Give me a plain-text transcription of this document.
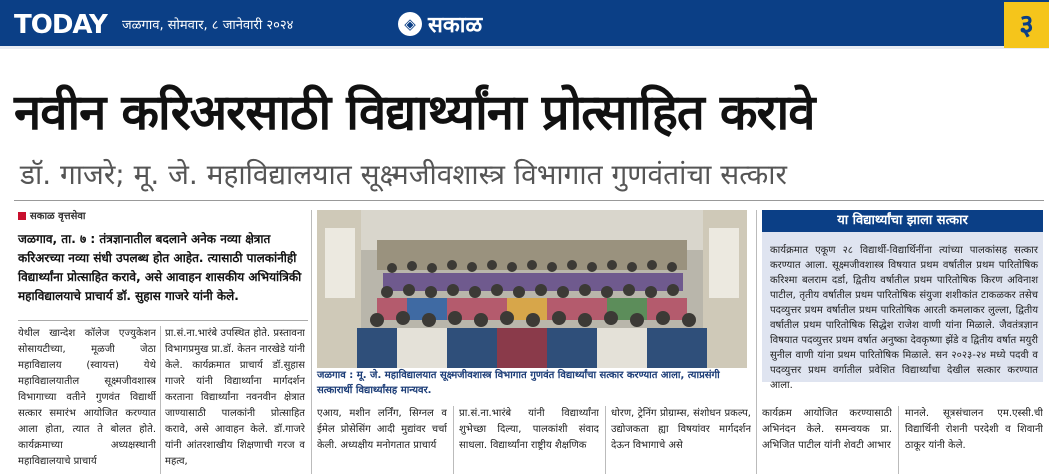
TODAY जळगाव, सोमवार, ८ जानेवारी २०२४	◈ सकाळ	३
नवीन करिअरसाठी विद्यार्थ्यांना प्रोत्साहित करावे
डॉ. गाजरे; मू. जे. महाविद्यालयात सूक्ष्मजीवशास्त्र विभागात गुणवंतांचा सत्कार
सकाळ वृत्तसेवा
जळगाव, ता. ७ : तंत्रज्ञानातील बदलाने अनेक नव्या क्षेत्रात करिअरच्या नव्या संधी उपलब्ध होत आहेत. त्यासाठी पालकांनीही विद्यार्थ्यांना प्रोत्साहित करावे, असे आवाहन शासकीय अभियांत्रिकी महाविद्यालयाचे प्राचार्य डॉ. सुहास गाजरे यांनी केले.
येथील खान्देश कॉलेज एज्युकेशन सोसायटीच्या, मूळजी जेठा महाविद्यालय (स्वायत्त) येथे महाविद्यालयातील सूक्ष्मजीवशास्त्र विभागाच्या वतीने गुणवंत विद्यार्थी सत्कार समारंभ आयोजित करण्यात आला होता, त्यात ते बोलत होते. कार्यक्रमाच्या अध्यक्षस्थानी महाविद्यालयाचे प्राचार्य
प्रा.सं.ना.भारंबे उपस्थित होते. प्रस्तावना विभागप्रमुख प्रा.डॉ. केतन नारखेडे यांनी केले. कार्यक्रमात प्राचार्य डॉ.सुहास गाजरे यांनी विद्यार्थ्यांना मार्गदर्शन करताना विद्यार्थ्यांना नवनवीन क्षेत्रात जाण्यासाठी पालकांनी प्रोत्साहित करावे, असे आवाहन केले. डॉ.गाजरे यांनी आंतरशाखीय शिक्षणाची गरज व महत्व,
जळगाव : मू. जे. महाविद्यालयात सूक्ष्मजीवशास्त्र विभागात गुणवंत विद्यार्थ्यांचा सत्कार करण्यात आला, त्याप्रसंगी सत्कारार्थी विद्यार्थ्यांसह मान्यवर.
एआय, मशीन लर्निंग, सिग्नल व ईमेल प्रोसेसिंग आदी मुद्यांवर चर्चा केली. अध्यक्षीय मनोगतात प्राचार्य
प्रा.सं.ना.भारंबे यांनी विद्यार्थ्यांना शुभेच्छा दिल्या, पालकांशी संवाद साधला. विद्यार्थ्यांना राष्ट्रीय शैक्षणिक
धोरण, ट्रेनिंग प्रोग्राम्स, संशोधन प्रकल्प, उद्योजकता ह्या विषयांवर मार्गदर्शन देऊन विभागाचे असे
या विद्यार्थ्यांचा झाला सत्कार
कार्यक्रमात एकूण २८ विद्यार्थी-विद्यार्थिनींना त्यांच्या पालकांसह सत्कार करण्यात आला. सूक्ष्मजीवशास्त्र विषयात प्रथम वर्षातील प्रथम पारितोषिक करिश्मा बलराम दर्डा, द्वितीय वर्षातील प्रथम पारितोषिक किरण अविनाश पाटील, तृतीय वर्षातील प्रथम पारितोषिक संयुजा शशीकांत टाकळकर तसेच पदव्युत्तर प्रथम वर्षातील प्रथम पारितोषिक आरती कमलाकर लुल्ला, द्वितीय वर्षातील प्रथम पारितोषिक सिद्धेश राजेश वाणी यांना मिळाले. जैवतंत्रज्ञान विषयात पदव्युत्तर प्रथम वर्षात अनुष्का देवकृष्णा झेंडे व द्वितीय वर्षात मयुरी सुनील वाणी यांना प्रथम पारितोषिक मिळाले. सन २०२३-२४ मध्ये पदवी व पदव्युत्तर प्रथम वर्गातील प्रवेशित विद्यार्थ्यांचा देखील सत्कार करण्यात आला.
कार्यक्रम आयोजित करण्यासाठी अभिनंदन केले. समन्वयक प्रा. अभिजित पाटील यांनी शेवटी आभार
मानले. सूत्रसंचालन एम.एस्सी.ची विद्यार्थिनी रोशनी परदेशी व शिवानी ठाकूर यांनी केले.
